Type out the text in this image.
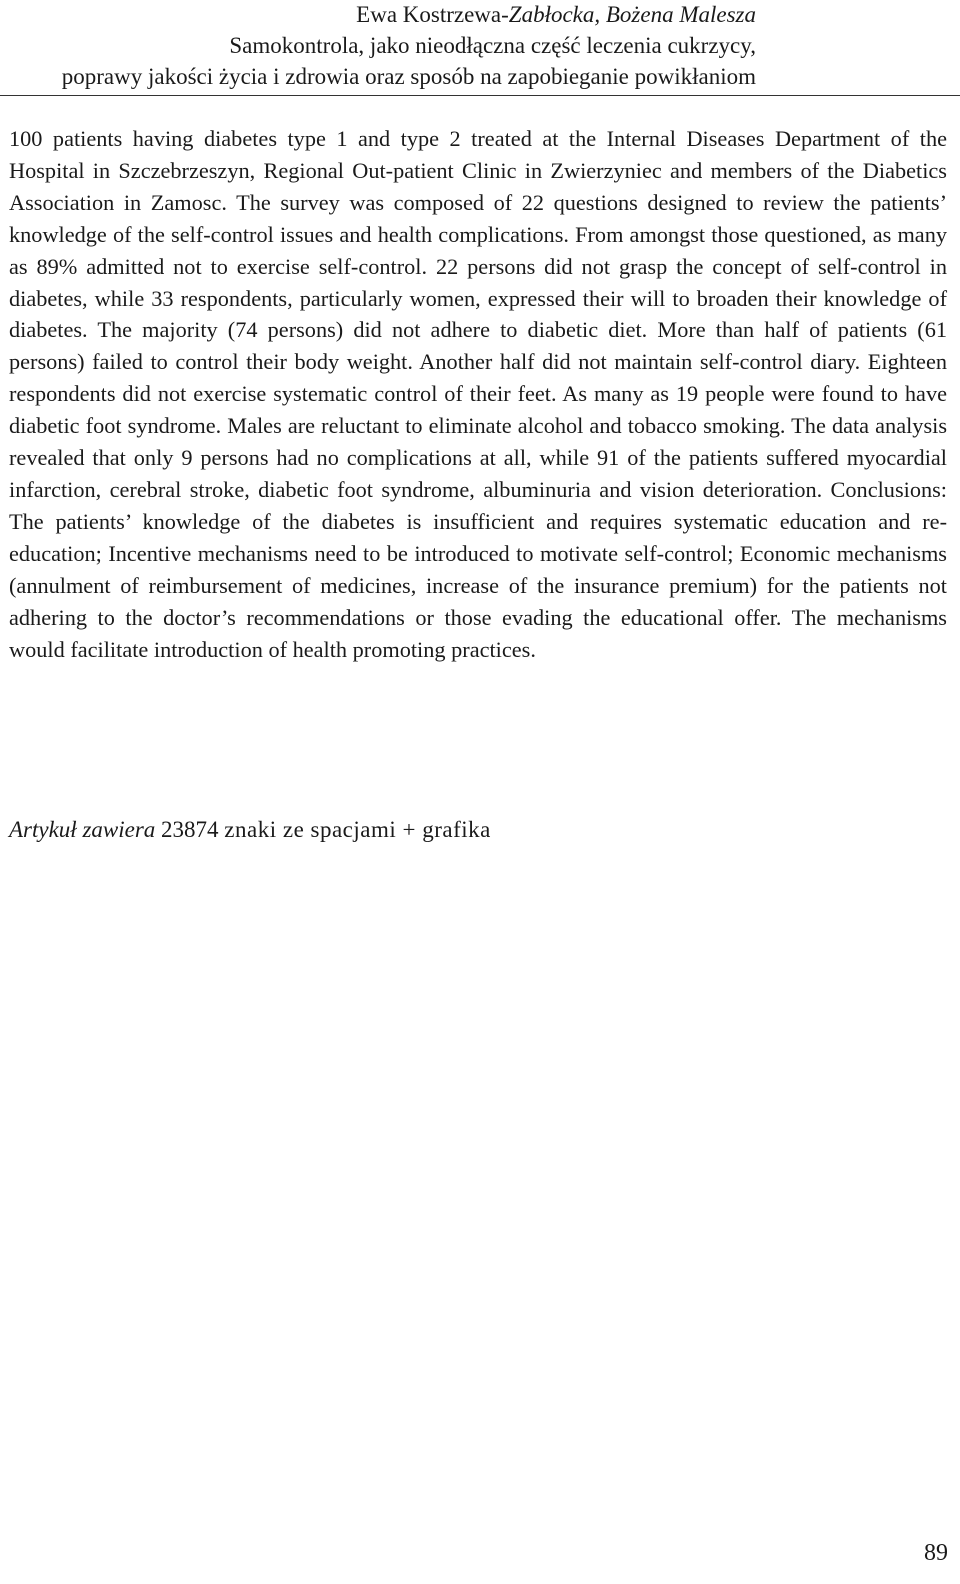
Ewa Kostrzewa-Zabłocka, Bożena Malesza
Samokontrola, jako nieodłączna część leczenia cukrzycy,
poprawy jakości życia i zdrowia oraz sposób na zapobieganie powikłaniom
100 patients having diabetes type 1 and type 2 treated at the Internal Diseases Department of the Hospital in Szczebrzeszyn, Regional Out-patient Clinic in Zwierzyniec and members of the Diabetics Association in Zamosc. The survey was composed of 22 questions designed to review the patients’ knowledge of the self-control issues and health complications. From amongst those questioned, as many as 89% admitted not to exercise self-control. 22 persons did not grasp the concept of self-control in diabetes, while 33 respondents, particularly women, expressed their will to broaden their knowledge of diabetes. The majority (74 persons) did not adhere to diabetic diet. More than half of patients (61 persons) failed to control their body weight. Another half did not maintain self-control diary. Eighteen respondents did not exercise systematic control of their feet. As many as 19 people were found to have diabetic foot syndrome. Males are reluctant to eliminate alcohol and tobacco smoking. The data analysis revealed that only 9 persons had no complications at all, while 91 of the patients suffered myocardial infarction, cerebral stroke, diabetic foot syndrome, albuminuria and vision deterioration. Conclusions: The patients’ knowledge of the diabetes is insufficient and requires systematic education and re-education; Incentive mechanisms need to be introduced to motivate self-control; Economic mechanisms (annulment of reimbursement of medicines, increase of the insurance premium) for the patients not adhering to the doctor’s recommendations or those evading the educational offer. The mechanisms would facilitate introduction of health promoting practices.
Artykuł zawiera 23874 znaki ze spacjami + grafika
89
